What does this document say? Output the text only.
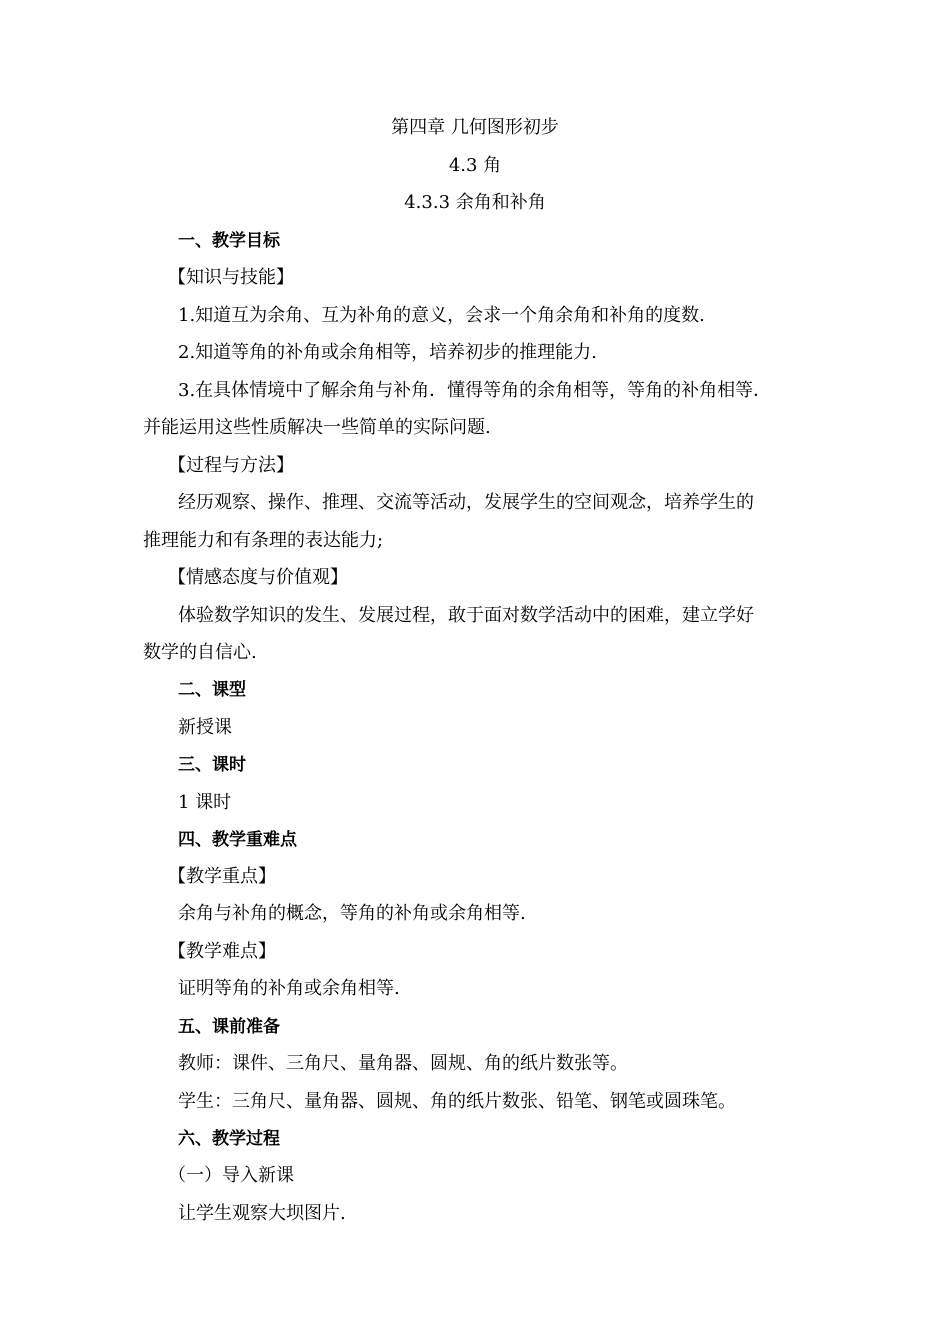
第四章 几何图形初步
4.3 角
4.3.3 余角和补角
一、教学目标
【知识与技能】
1.知道互为余角、互为补角的意义，会求一个角余角和补角的度数.
2.知道等角的补角或余角相等，培养初步的推理能力.
3.在具体情境中了解余角与补角．懂得等角的余角相等，等角的补角相等．
并能运用这些性质解决一些简单的实际问题.
【过程与方法】
经历观察、操作、推理、交流等活动，发展学生的空间观念，培养学生的
推理能力和有条理的表达能力;
【情感态度与价值观】
体验数学知识的发生、发展过程，敢于面对数学活动中的困难，建立学好
数学的自信心.
二、课型
新授课
三、课时
1 课时
四、教学重难点
【教学重点】
余角与补角的概念，等角的补角或余角相等.
【教学难点】
证明等角的补角或余角相等.
五、课前准备
教师：课件、三角尺、量角器、圆规、角的纸片数张等。
学生：三角尺、量角器、圆规、角的纸片数张、铅笔、钢笔或圆珠笔。
六、教学过程
（一）导入新课
让学生观察大坝图片.
